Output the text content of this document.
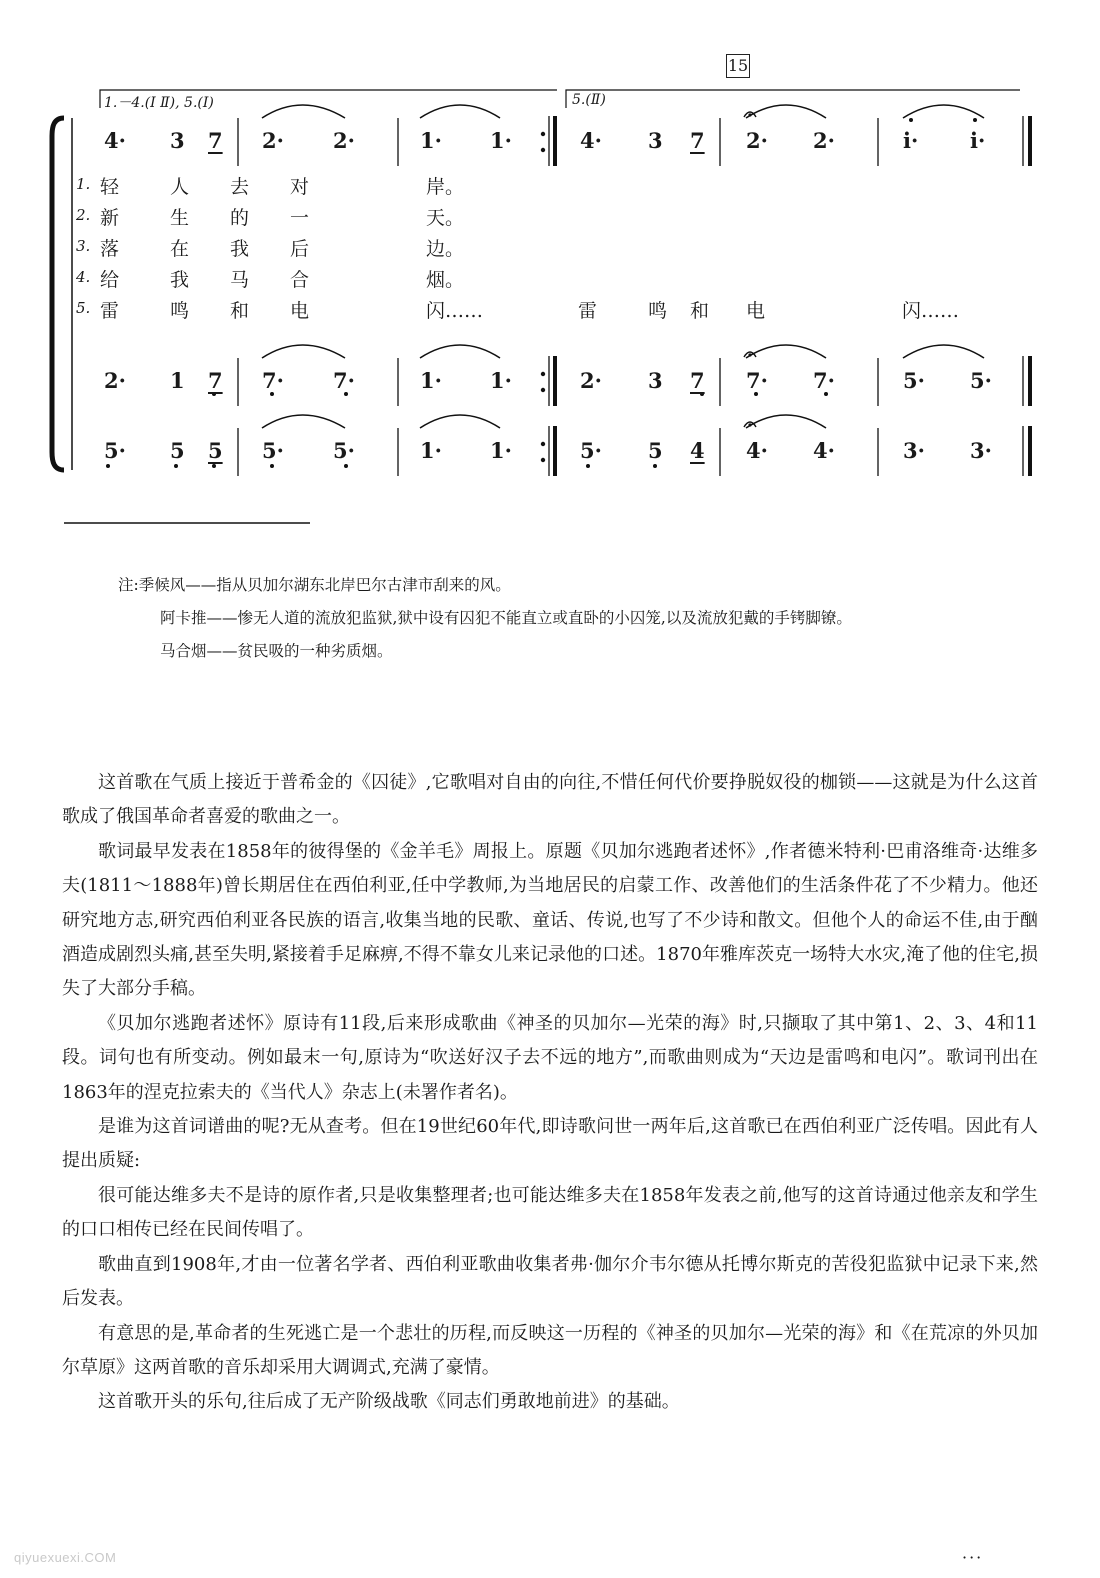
15
1.－4.(Ⅰ Ⅱ), 5.(Ⅰ)	5.(Ⅱ)
4· 3 7 2· 2·	1· 1·	4· 3 7 2· 2·	i· i·
2· 1 7 7· 7·	1· 1·	2· 3 7 7· 7·	5· 5·
5· 5 5 5· 5·	1· 1·	5· 5 4 4· 4·	3· 3·
1. 轻	人 去 对	岸。
2. 新	生 的 一	天。
3. 落	在 我 后	边。
4. 给	我 马 合	烟。
5. 雷	鸣 和 电	闪……	雷	鸣 和 电	闪……

注:季候风——指从贝加尔湖东北岸巴尔古津市刮来的风。

阿卡推——惨无人道的流放犯监狱,狱中设有囚犯不能直立或直卧的小囚笼,以及流放犯戴的手铐脚镣。

马合烟——贫民吸的一种劣质烟。

这首歌在气质上接近于普希金的《囚徒》,它歌唱对自由的向往,不惜任何代价要挣脱奴役的枷锁——这就是为什么这首歌成了俄国革命者喜爱的歌曲之一。

歌词最早发表在1858年的彼得堡的《金羊毛》周报上。原题《贝加尔逃跑者述怀》,作者德米特利·巴甫洛维奇·达维多夫(1811～1888年)曾长期居住在西伯利亚,任中学教师,为当地居民的启蒙工作、改善他们的生活条件花了不少精力。他还研究地方志,研究西伯利亚各民族的语言,收集当地的民歌、童话、传说,也写了不少诗和散文。但他个人的命运不佳,由于酗酒造成剧烈头痛,甚至失明,紧接着手足麻痹,不得不靠女儿来记录他的口述。1870年雅库茨克一场特大水灾,淹了他的住宅,损失了大部分手稿。

《贝加尔逃跑者述怀》原诗有11段,后来形成歌曲《神圣的贝加尔—光荣的海》时,只撷取了其中第1、2、3、4和11段。词句也有所变动。例如最末一句,原诗为“吹送好汉子去不远的地方”,而歌曲则成为“天边是雷鸣和电闪”。歌词刊出在1863年的涅克拉索夫的《当代人》杂志上(未署作者名)。

是谁为这首词谱曲的呢?无从查考。但在19世纪60年代,即诗歌问世一两年后,这首歌已在西伯利亚广泛传唱。因此有人提出质疑:

很可能达维多夫不是诗的原作者,只是收集整理者;也可能达维多夫在1858年发表之前,他写的这首诗通过他亲友和学生的口口相传已经在民间传唱了。

歌曲直到1908年,才由一位著名学者、西伯利亚歌曲收集者弗·伽尔介韦尔德从托博尔斯克的苦役犯监狱中记录下来,然后发表。

有意思的是,革命者的生死逃亡是一个悲壮的历程,而反映这一历程的《神圣的贝加尔—光荣的海》和《在荒凉的外贝加尔草原》这两首歌的音乐却采用大调调式,充满了豪情。

这首歌开头的乐句,往后成了无产阶级战歌《同志们勇敢地前进》的基础。

qiyuexuexi.COM	···
